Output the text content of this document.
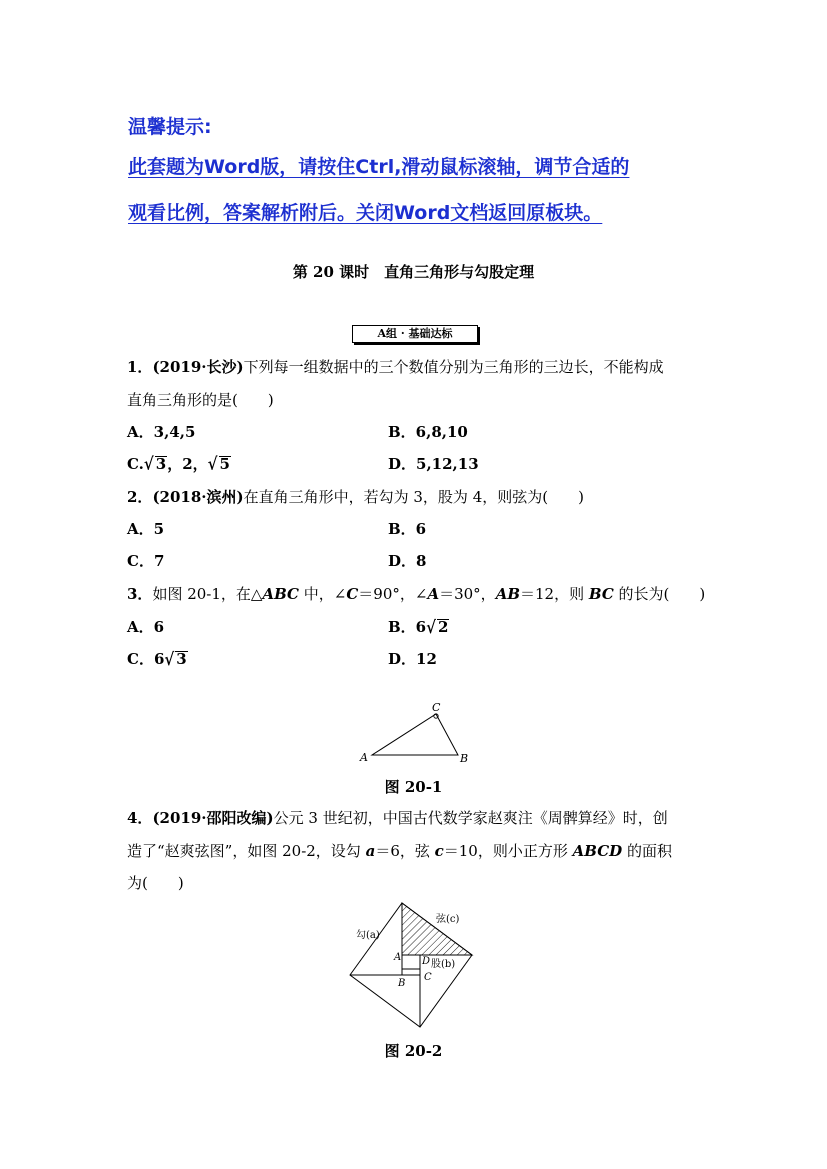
温馨提示:
此套题为Word版，请按住Ctrl,滑动鼠标滚轴，调节合适的
观看比例，答案解析附后。关闭Word文档返回原板块。
第 20 课时　直角三角形与勾股定理
A组 · 基础达标
1．(2019·长沙)下列每一组数据中的三个数值分别为三角形的三边长，不能构成
直角三角形的是(　　)
A．3,4,5	B．6,8,10
C.√ 3，2，√ 5	D．5,12,13
2．(2018·滨州)在直角三角形中，若勾为 3，股为 4，则弦为(　　)
A．5	B．6
C．7	D．8
3．如图 20-1，在△ABC 中，∠C＝90°，∠A＝30°，AB＝12，则 BC 的长为(　　)
A．6	B．6√ 2
C．6√ 3	D．12
A	B
C
图 20-1
4．(2019·邵阳改编)公元 3 世纪初，中国古代数学家赵爽注《周髀算经》时，创
造了“赵爽弦图”，如图 20-2，设勾 a＝6，弦 c＝10，则小正方形 ABCD 的面积
为(　　)
勾(a)
弦(c)
股(b)
A
B
C
D
图 20-2
